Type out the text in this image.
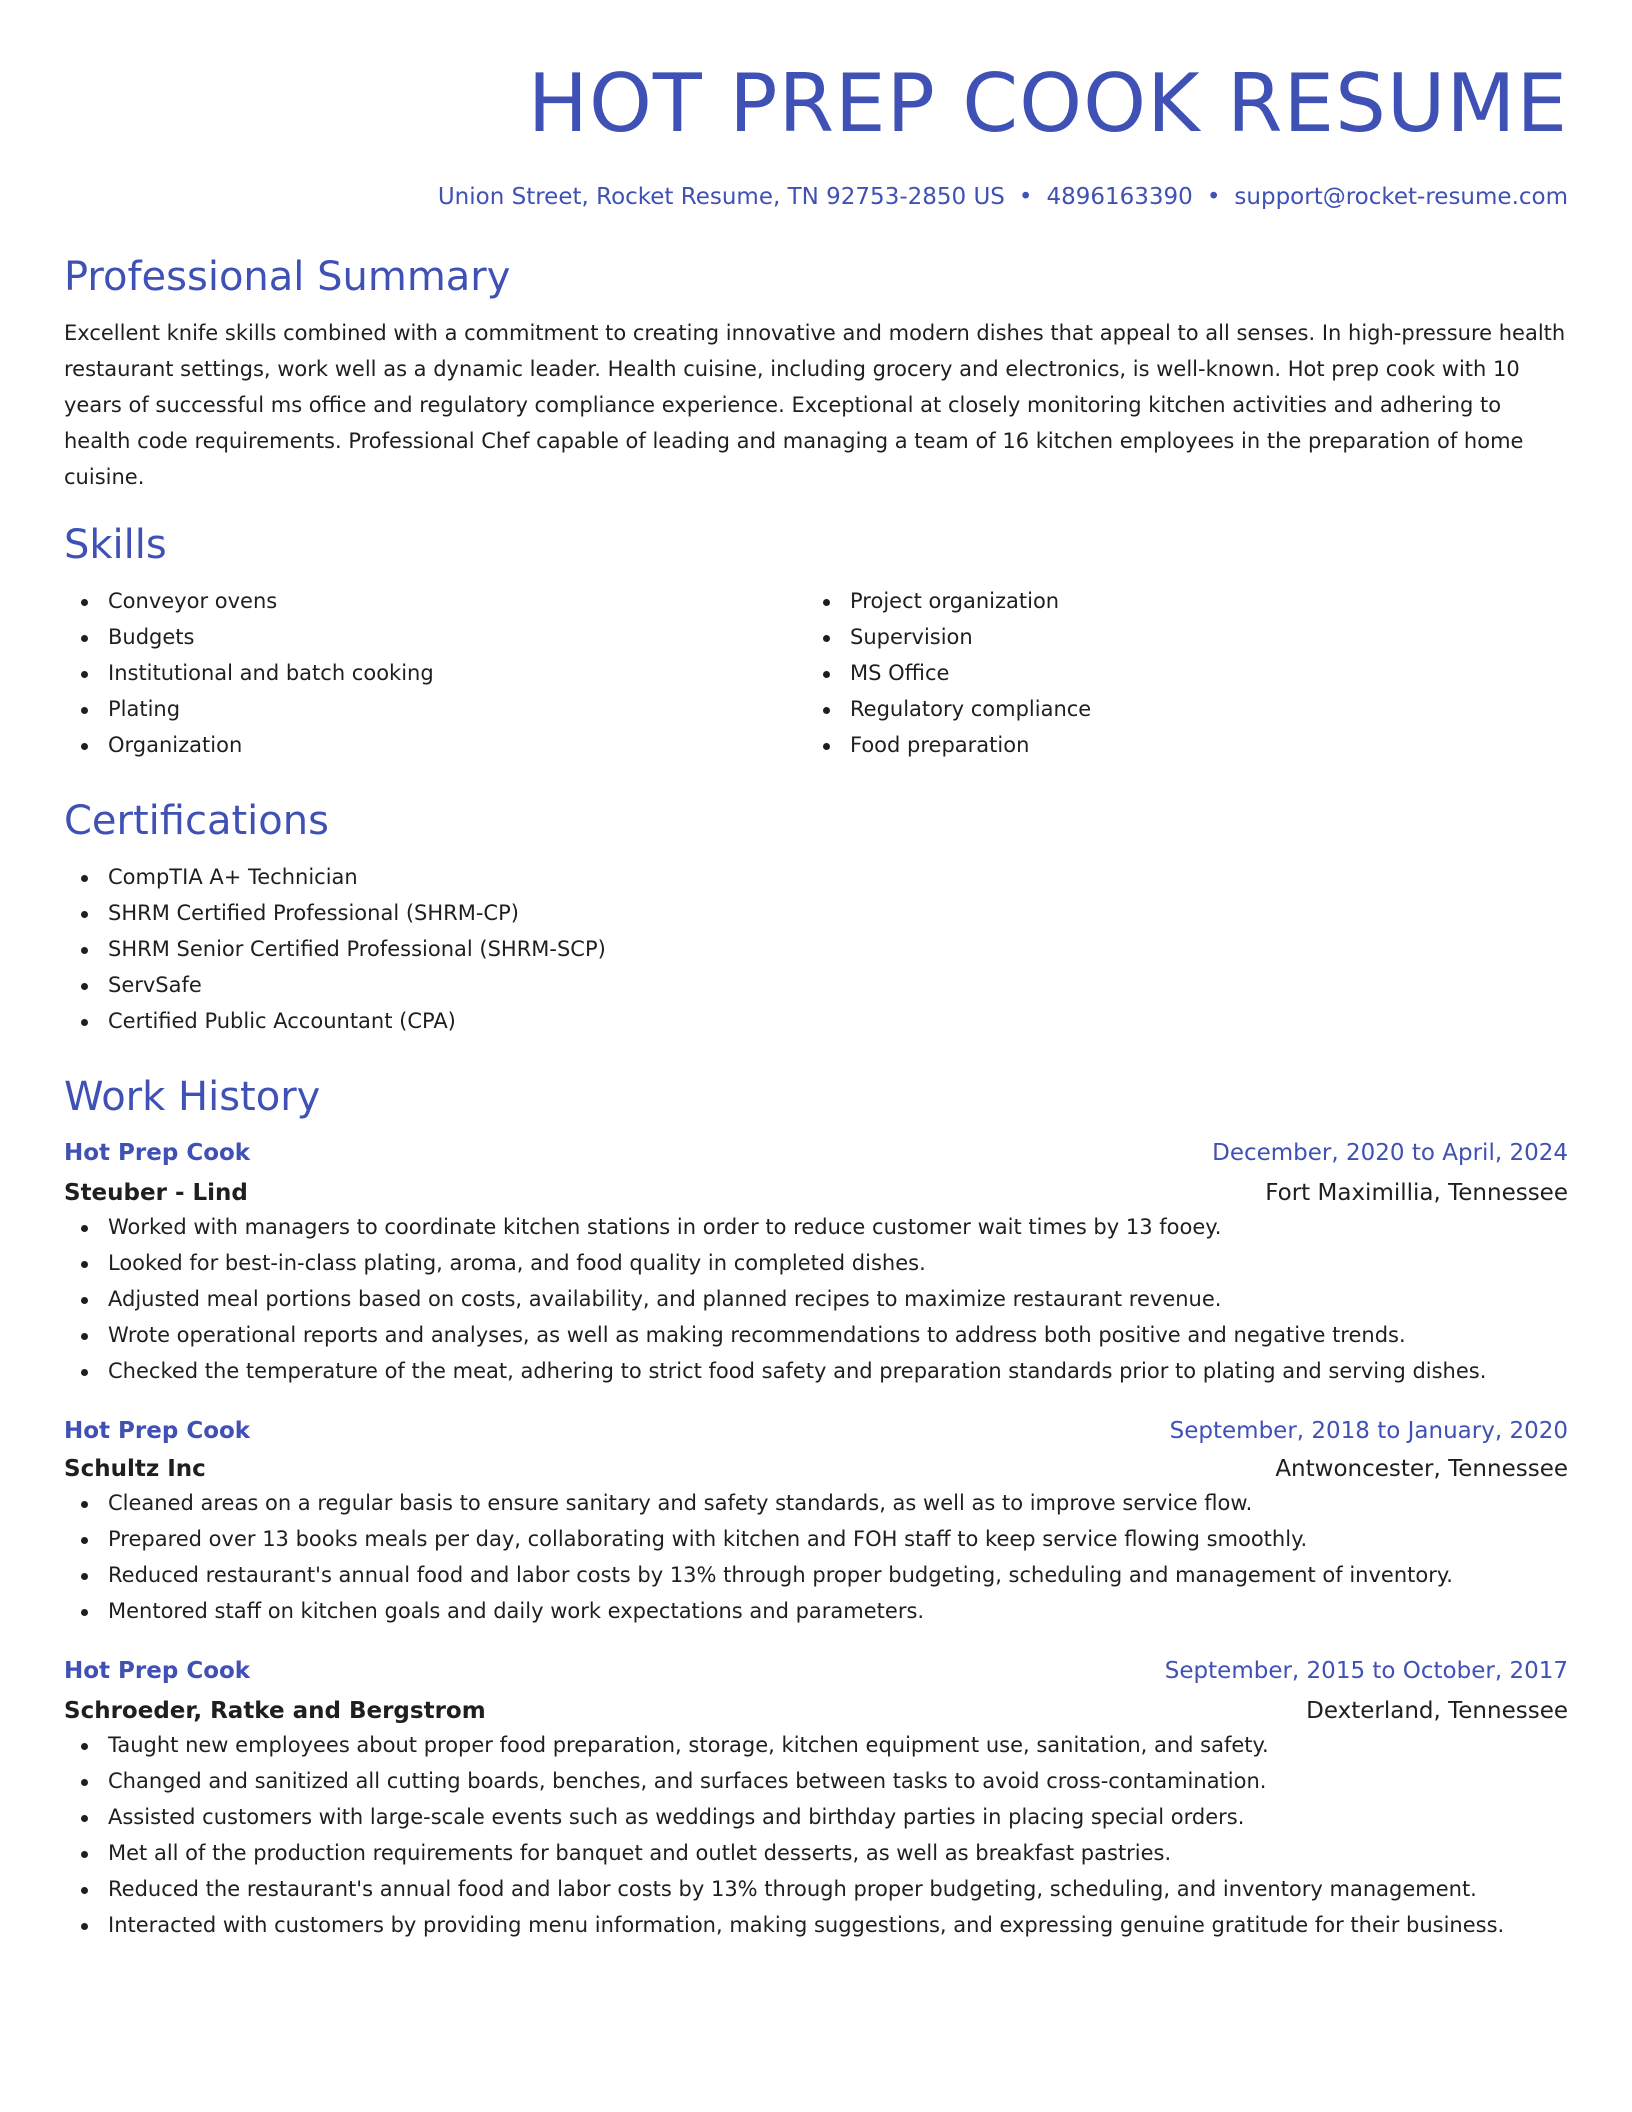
HOT PREP COOK RESUME
Union Street, Rocket Resume, TN 92753-2850 US • 4896163390 • support@rocket-resume.com
Professional Summary

Excellent knife skills combined with a commitment to creating innovative and modern dishes that appeal to all senses. In high-pressure health restaurant settings, work well as a dynamic leader. Health cuisine, including grocery and electronics, is well-known. Hot prep cook with 10 years of successful ms office and regulatory compliance experience. Exceptional at closely monitoring kitchen activities and adhering to health code requirements. Professional Chef capable of leading and managing a team of 16 kitchen employees in the preparation of home cuisine.

Skills
Conveyor ovens
Budgets
Institutional and batch cooking
Plating
Organization
Project organization
Supervision
MS Office
Regulatory compliance
Food preparation
Certifications
CompTIA A+ Technician
SHRM Certified Professional (SHRM-CP)
SHRM Senior Certified Professional (SHRM-SCP)
ServSafe
Certified Public Accountant (CPA)
Work History
Hot Prep Cook	December, 2020 to April, 2024
Steuber - Lind	Fort Maximillia, Tennessee
Worked with managers to coordinate kitchen stations in order to reduce customer wait times by 13 fooey.
Looked for best-in-class plating, aroma, and food quality in completed dishes.
Adjusted meal portions based on costs, availability, and planned recipes to maximize restaurant revenue.
Wrote operational reports and analyses, as well as making recommendations to address both positive and negative trends.
Checked the temperature of the meat, adhering to strict food safety and preparation standards prior to plating and serving dishes.
Hot Prep Cook	September, 2018 to January, 2020
Schultz Inc	Antwoncester, Tennessee
Cleaned areas on a regular basis to ensure sanitary and safety standards, as well as to improve service flow.
Prepared over 13 books meals per day, collaborating with kitchen and FOH staff to keep service flowing smoothly.
Reduced restaurant's annual food and labor costs by 13% through proper budgeting, scheduling and management of inventory.
Mentored staff on kitchen goals and daily work expectations and parameters.
Hot Prep Cook	September, 2015 to October, 2017
Schroeder, Ratke and Bergstrom	Dexterland, Tennessee
Taught new employees about proper food preparation, storage, kitchen equipment use, sanitation, and safety.
Changed and sanitized all cutting boards, benches, and surfaces between tasks to avoid cross-contamination.
Assisted customers with large-scale events such as weddings and birthday parties in placing special orders.
Met all of the production requirements for banquet and outlet desserts, as well as breakfast pastries.
Reduced the restaurant's annual food and labor costs by 13% through proper budgeting, scheduling, and inventory management.
Interacted with customers by providing menu information, making suggestions, and expressing genuine gratitude for their business.
